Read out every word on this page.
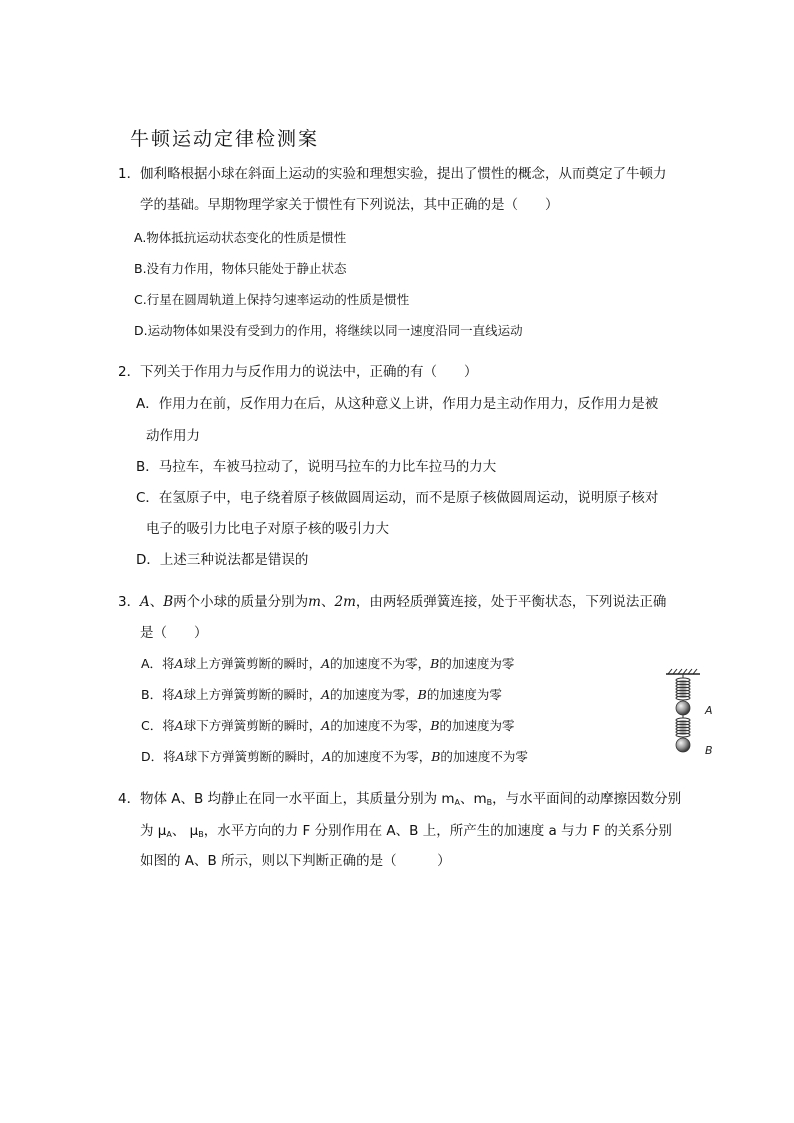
牛顿运动定律检测案
1．伽利略根据小球在斜面上运动的实验和理想实验，提出了惯性的概念，从而奠定了牛顿力
学的基础。早期物理学家关于惯性有下列说法，其中正确的是（　　）
A.物体抵抗运动状态变化的性质是惯性
B.没有力作用，物体只能处于静止状态
C.行星在圆周轨道上保持匀速率运动的性质是惯性
D.运动物体如果没有受到力的作用，将继续以同一速度沿同一直线运动
2．下列关于作用力与反作用力的说法中，正确的有（　　）
A．作用力在前，反作用力在后，从这种意义上讲，作用力是主动作用力，反作用力是被
动作用力
B．马拉车，车被马拉动了，说明马拉车的力比车拉马的力大
C．在氢原子中，电子绕着原子核做圆周运动，而不是原子核做圆周运动，说明原子核对
电子的吸引力比电子对原子核的吸引力大
D．上述三种说法都是错误的
3．A、B两个小球的质量分别为m、2m，由两轻质弹簧连接，处于平衡状态，下列说法正确
是（　　）
A．将A球上方弹簧剪断的瞬时，A的加速度不为零，B的加速度为零
B．将A球上方弹簧剪断的瞬时，A的加速度为零，B的加速度为零
C．将A球下方弹簧剪断的瞬时，A的加速度不为零，B的加速度为零
D．将A球下方弹簧剪断的瞬时，A的加速度不为零，B的加速度不为零
A
B
4．物体 A、B 均静止在同一水平面上，其质量分别为 $m_A$、$m_B$，与水平面间的动摩擦因数分别
为 $\mu_A$、 $\mu_B$，水平方向的力 F 分别作用在 A、B 上，所产生的加速度 a 与力 F 的关系分别
如图的 A、B 所示，则以下判断正确的是（　　　）
